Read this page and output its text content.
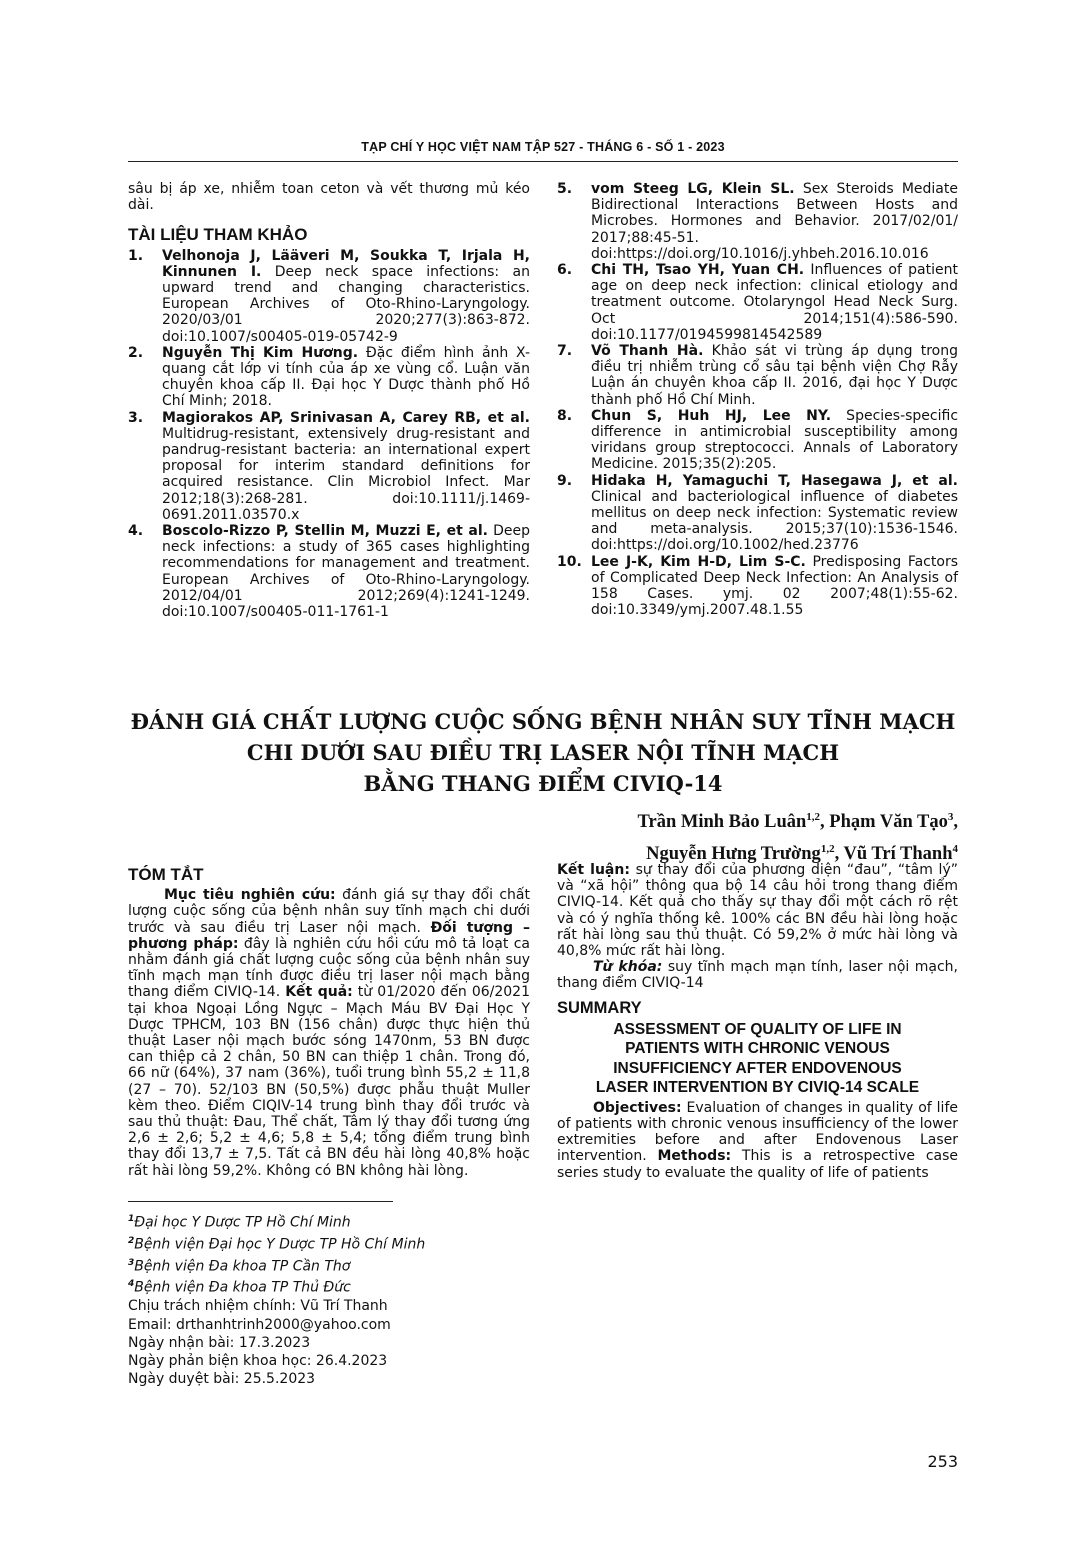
TẠP CHÍ Y HỌC VIỆT NAM TẬP 527 - THÁNG 6 - SỐ 1 - 2023

sâu bị áp xe, nhiễm toan ceton và vết thương mủ kéo dài.

TÀI LIỆU THAM KHẢO
1. Velhonoja J, Lääveri M, Soukka T, Irjala H, Kinnunen I. Deep neck space infections: an upward trend and changing characteristics. European Archives of Oto-Rhino-Laryngology. 2020/03/01 2020;277(3):863-872. doi:10.1007/s00405-019-05742-9
2. Nguyễn Thị Kim Hương. Đặc điểm hình ảnh X-quang cắt lớp vi tính của áp xe vùng cổ. Luận văn chuyên khoa cấp II. Đại học Y Dược thành phố Hồ Chí Minh; 2018.
3. Magiorakos AP, Srinivasan A, Carey RB, et al. Multidrug-resistant, extensively drug-resistant and pandrug-resistant bacteria: an international expert proposal for interim standard definitions for acquired resistance. Clin Microbiol Infect. Mar 2012;18(3):268-281. doi:10.1111/j.1469-0691.2011.03570.x
4. Boscolo-Rizzo P, Stellin M, Muzzi E, et al. Deep neck infections: a study of 365 cases highlighting recommendations for management and treatment. European Archives of Oto-Rhino-Laryngology. 2012/04/01 2012;269(4):1241-1249. doi:10.1007/s00405-011-1761-1
5. vom Steeg LG, Klein SL. Sex Steroids Mediate Bidirectional Interactions Between Hosts and Microbes. Hormones and Behavior. 2017/02/01/ 2017;88:45-51. doi:https://doi.org/10.1016/j.yhbeh.2016.10.016
6. Chi TH, Tsao YH, Yuan CH. Influences of patient age on deep neck infection: clinical etiology and treatment outcome. Otolaryngol Head Neck Surg. Oct 2014;151(4):586-590. doi:10.1177/0194599814542589
7. Võ Thanh Hà. Khảo sát vi trùng áp dụng trong điều trị nhiễm trùng cổ sâu tại bệnh viện Chợ Rẫy Luận án chuyên khoa cấp II. 2016, đại học Y Dược thành phố Hồ Chí Minh.
8. Chun S, Huh HJ, Lee NY. Species-specific difference in antimicrobial susceptibility among viridans group streptococci. Annals of Laboratory Medicine. 2015;35(2):205.
9. Hidaka H, Yamaguchi T, Hasegawa J, et al. Clinical and bacteriological influence of diabetes mellitus on deep neck infection: Systematic review and meta-analysis. 2015;37(10):1536-1546. doi:https://doi.org/10.1002/hed.23776
10. Lee J-K, Kim H-D, Lim S-C. Predisposing Factors of Complicated Deep Neck Infection: An Analysis of 158 Cases. ymj. 02 2007;48(1):55-62. doi:10.3349/ymj.2007.48.1.55
ĐÁNH GIÁ CHẤT LƯỢNG CUỘC SỐNG BỆNH NHÂN SUY TĨNH MẠCH
CHI DƯỚI SAU ĐIỀU TRỊ LASER NỘI TĨNH MẠCH
BẰNG THANG ĐIỂM CIVIQ-14
Trần Minh Bảo Luân$^{1,2}$, Phạm Văn Tạo$^3$,
Nguyễn Hưng Trường$^{1,2}$, Vũ Trí Thanh$^4$
TÓM TẮT

Mục tiêu nghiên cứu: đánh giá sự thay đổi chất lượng cuộc sống của bệnh nhân suy tĩnh mạch chi dưới trước và sau điều trị Laser nội mạch. Đối tượng – phương pháp: đây là nghiên cứu hồi cứu mô tả loạt ca nhằm đánh giá chất lượng cuộc sống của bệnh nhân suy tĩnh mạch mạn tính được điều trị laser nội mạch bằng thang điểm CIVIQ-14. Kết quả: từ 01/2020 đến 06/2021 tại khoa Ngoại Lồng Ngực – Mạch Máu BV Đại Học Y Dược TPHCM, 103 BN (156 chân) được thực hiện thủ thuật Laser nội mạch bước sóng 1470nm, 53 BN được can thiệp cả 2 chân, 50 BN can thiệp 1 chân. Trong đó, 66 nữ (64%), 37 nam (36%), tuổi trung bình 55,2 ± 11,8 (27 – 70). 52/103 BN (50,5%) được phẫu thuật Muller kèm theo. Điểm CIQIV-14 trung bình thay đổi trước và sau thủ thuật: Đau, Thể chất, Tâm lý thay đổi tương ứng 2,6 ± 2,6; 5,2 ± 4,6; 5,8 ± 5,4; tổng điểm trung bình thay đổi 13,7 ± 7,5. Tất cả BN đều hài lòng 40,8% hoặc rất hài lòng 59,2%. Không có BN không hài lòng.

$^1$Đại học Y Dược TP Hồ Chí Minh
$^2$Bệnh viện Đại học Y Dược TP Hồ Chí Minh
$^3$Bệnh viện Đa khoa TP Cần Thơ
$^4$Bệnh viện Đa khoa TP Thủ Đức
Chịu trách nhiệm chính: Vũ Trí Thanh
Email: drthanhtrinh2000@yahoo.com
Ngày nhận bài: 17.3.2023
Ngày phản biện khoa học: 26.4.2023
Ngày duyệt bài: 25.5.2023

Kết luận: sự thay đổi của phương diện “đau”, “tâm lý” và “xã hội” thông qua bộ 14 câu hỏi trong thang điểm CIVIQ-14. Kết quả cho thấy sự thay đổi một cách rõ rệt và có ý nghĩa thống kê. 100% các BN đều hài lòng hoặc rất hài lòng sau thủ thuật. Có 59,2% ở mức hài lòng và 40,8% mức rất hài lòng.

Từ khóa: suy tĩnh mạch mạn tính, laser nội mạch, thang điểm CIVIQ-14

SUMMARY
ASSESSMENT OF QUALITY OF LIFE IN
PATIENTS WITH CHRONIC VENOUS
INSUFFICIENCY AFTER ENDOVENOUS
LASER INTERVENTION BY CIVIQ-14 SCALE

Objectives: Evaluation of changes in quality of life of patients with chronic venous insufficiency of the lower extremities before and after Endovenous Laser intervention. Methods: This is a retrospective case series study to evaluate the quality of life of patients

253
